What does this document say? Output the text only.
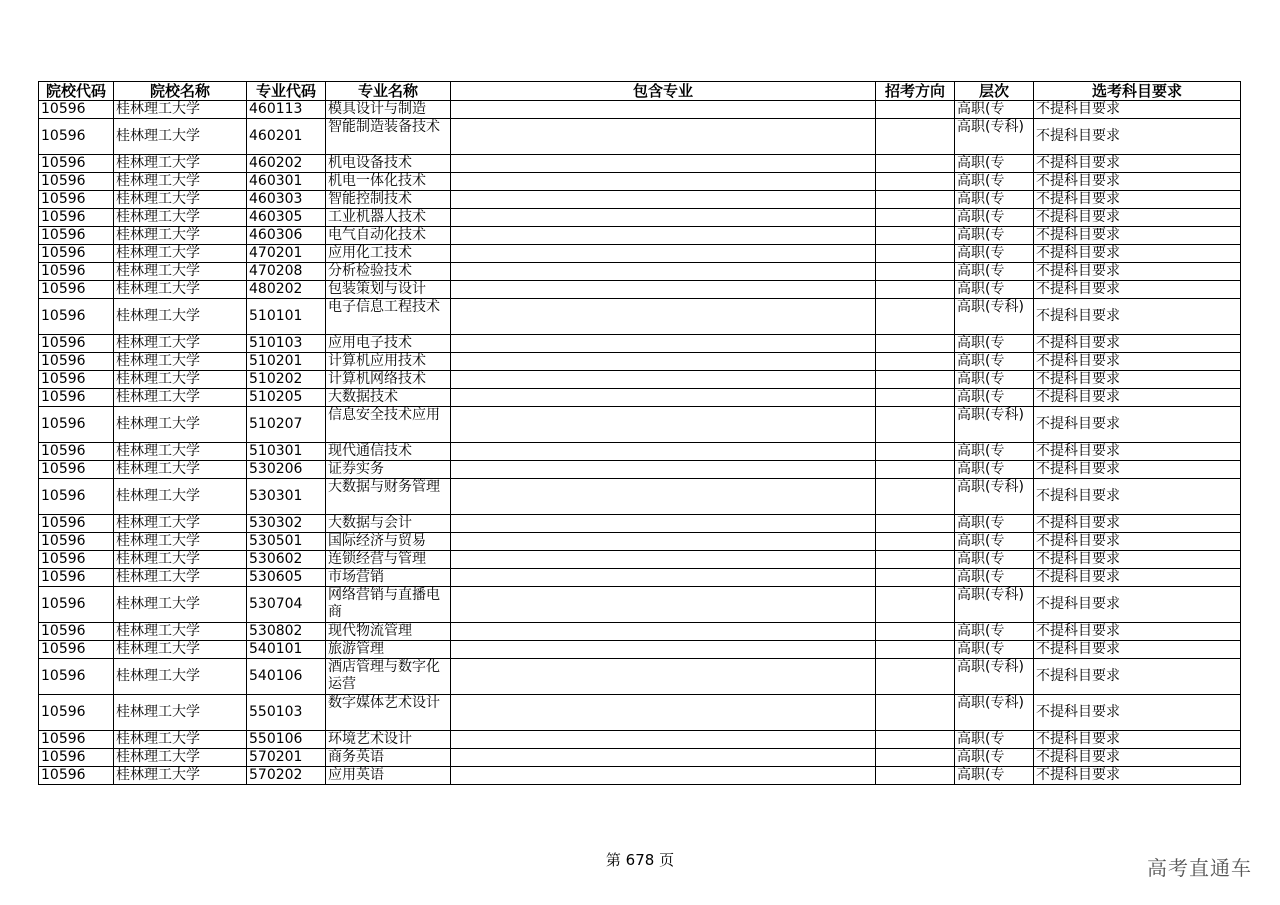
院校代码	院校名称	专业代码	专业名称	包含专业	招考方向	层次	选考科目要求
10596	桂林理工大学	460113	模具设计与制造			高职(专	不提科目要求
10596	桂林理工大学	460201	智能制造装备技术			高职(专科)	不提科目要求
10596	桂林理工大学	460202	机电设备技术			高职(专	不提科目要求
10596	桂林理工大学	460301	机电一体化技术			高职(专	不提科目要求
10596	桂林理工大学	460303	智能控制技术			高职(专	不提科目要求
10596	桂林理工大学	460305	工业机器人技术			高职(专	不提科目要求
10596	桂林理工大学	460306	电气自动化技术			高职(专	不提科目要求
10596	桂林理工大学	470201	应用化工技术			高职(专	不提科目要求
10596	桂林理工大学	470208	分析检验技术			高职(专	不提科目要求
10596	桂林理工大学	480202	包装策划与设计			高职(专	不提科目要求
10596	桂林理工大学	510101	电子信息工程技术			高职(专科)	不提科目要求
10596	桂林理工大学	510103	应用电子技术			高职(专	不提科目要求
10596	桂林理工大学	510201	计算机应用技术			高职(专	不提科目要求
10596	桂林理工大学	510202	计算机网络技术			高职(专	不提科目要求
10596	桂林理工大学	510205	大数据技术			高职(专	不提科目要求
10596	桂林理工大学	510207	信息安全技术应用			高职(专科)	不提科目要求
10596	桂林理工大学	510301	现代通信技术			高职(专	不提科目要求
10596	桂林理工大学	530206	证券实务			高职(专	不提科目要求
10596	桂林理工大学	530301	大数据与财务管理			高职(专科)	不提科目要求
10596	桂林理工大学	530302	大数据与会计			高职(专	不提科目要求
10596	桂林理工大学	530501	国际经济与贸易			高职(专	不提科目要求
10596	桂林理工大学	530602	连锁经营与管理			高职(专	不提科目要求
10596	桂林理工大学	530605	市场营销			高职(专	不提科目要求
10596	桂林理工大学	530704	网络营销与直播电商			高职(专科)	不提科目要求
10596	桂林理工大学	530802	现代物流管理			高职(专	不提科目要求
10596	桂林理工大学	540101	旅游管理			高职(专	不提科目要求
10596	桂林理工大学	540106	酒店管理与数字化运营			高职(专科)	不提科目要求
10596	桂林理工大学	550103	数字媒体艺术设计			高职(专科)	不提科目要求
10596	桂林理工大学	550106	环境艺术设计			高职(专	不提科目要求
10596	桂林理工大学	570201	商务英语			高职(专	不提科目要求
10596	桂林理工大学	570202	应用英语			高职(专	不提科目要求
第 678 页	高考直通车
